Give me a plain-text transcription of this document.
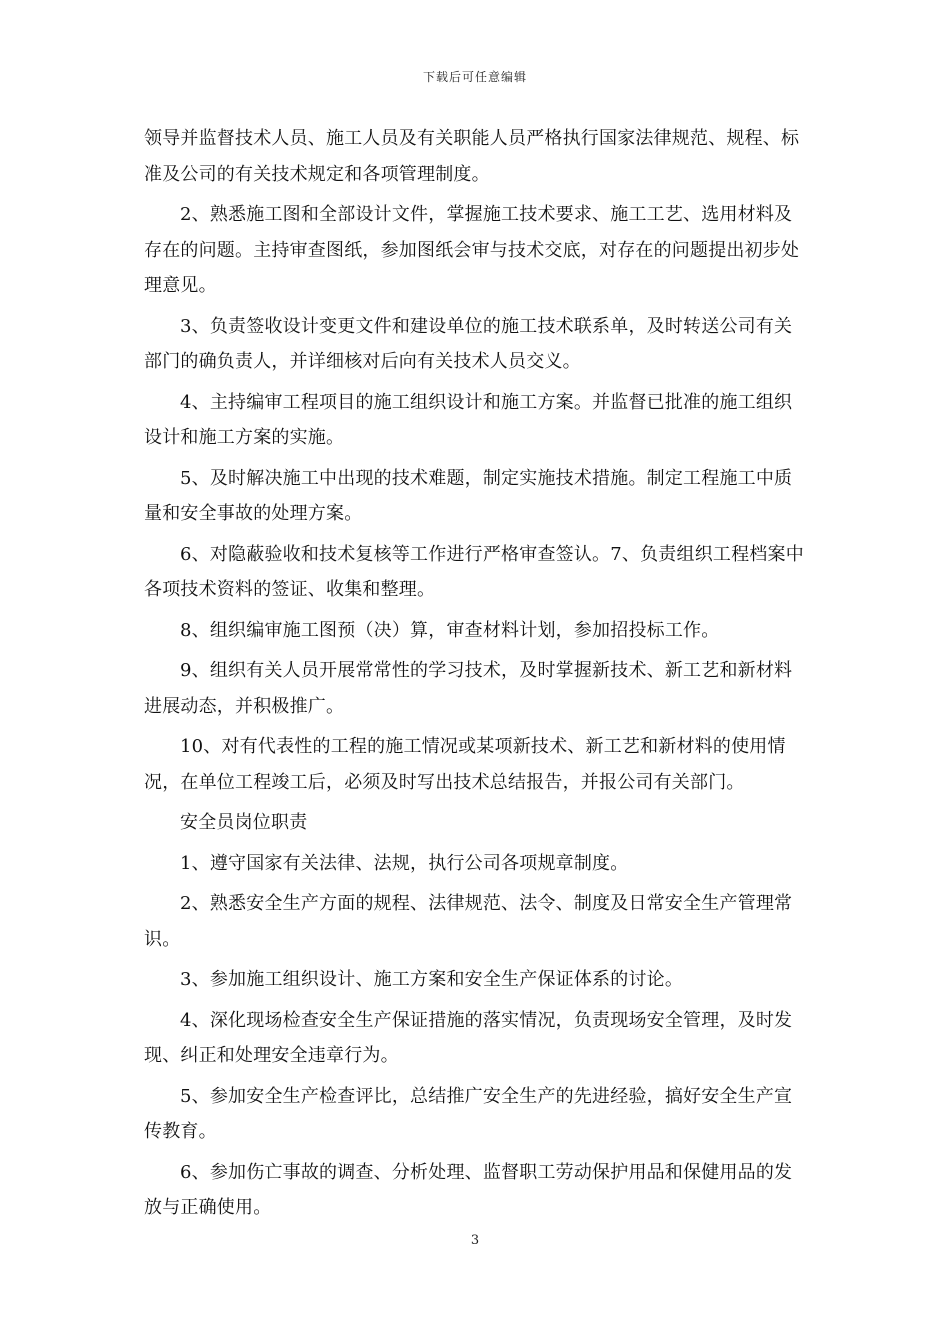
下载后可任意编辑

领导并监督技术人员、施工人员及有关职能人员严格执行国家法律规范、规程、标准及公司的有关技术规定和各项管理制度。

2、熟悉施工图和全部设计文件，掌握施工技术要求、施工工艺、选用材料及存在的问题。主持审查图纸，参加图纸会审与技术交底，对存在的问题提出初步处理意见。

3、负责签收设计变更文件和建设单位的施工技术联系单，及时转送公司有关部门的确负责人，并详细核对后向有关技术人员交义。

4、主持编审工程项目的施工组织设计和施工方案。并监督已批准的施工组织设计和施工方案的实施。

5、及时解决施工中出现的技术难题，制定实施技术措施。制定工程施工中质量和安全事故的处理方案。

6、对隐蔽验收和技术复核等工作进行严格审查签认。7、负责组织工程档案中各项技术资料的签证、收集和整理。

8、组织编审施工图预（决）算，审查材料计划，参加招投标工作。

9、组织有关人员开展常常性的学习技术，及时掌握新技术、新工艺和新材料进展动态，并积极推广。

10、对有代表性的工程的施工情况或某项新技术、新工艺和新材料的使用情况，在单位工程竣工后，必须及时写出技术总结报告，并报公司有关部门。

安全员岗位职责

1、遵守国家有关法律、法规，执行公司各项规章制度。

2、熟悉安全生产方面的规程、法律规范、法令、制度及日常安全生产管理常识。

3、参加施工组织设计、施工方案和安全生产保证体系的讨论。

4、深化现场检查安全生产保证措施的落实情况，负责现场安全管理，及时发现、纠正和处理安全违章行为。

5、参加安全生产检查评比，总结推广安全生产的先进经验，搞好安全生产宣传教育。

6、参加伤亡事故的调查、分析处理、监督职工劳动保护用品和保健用品的发放与正确使用。

3
